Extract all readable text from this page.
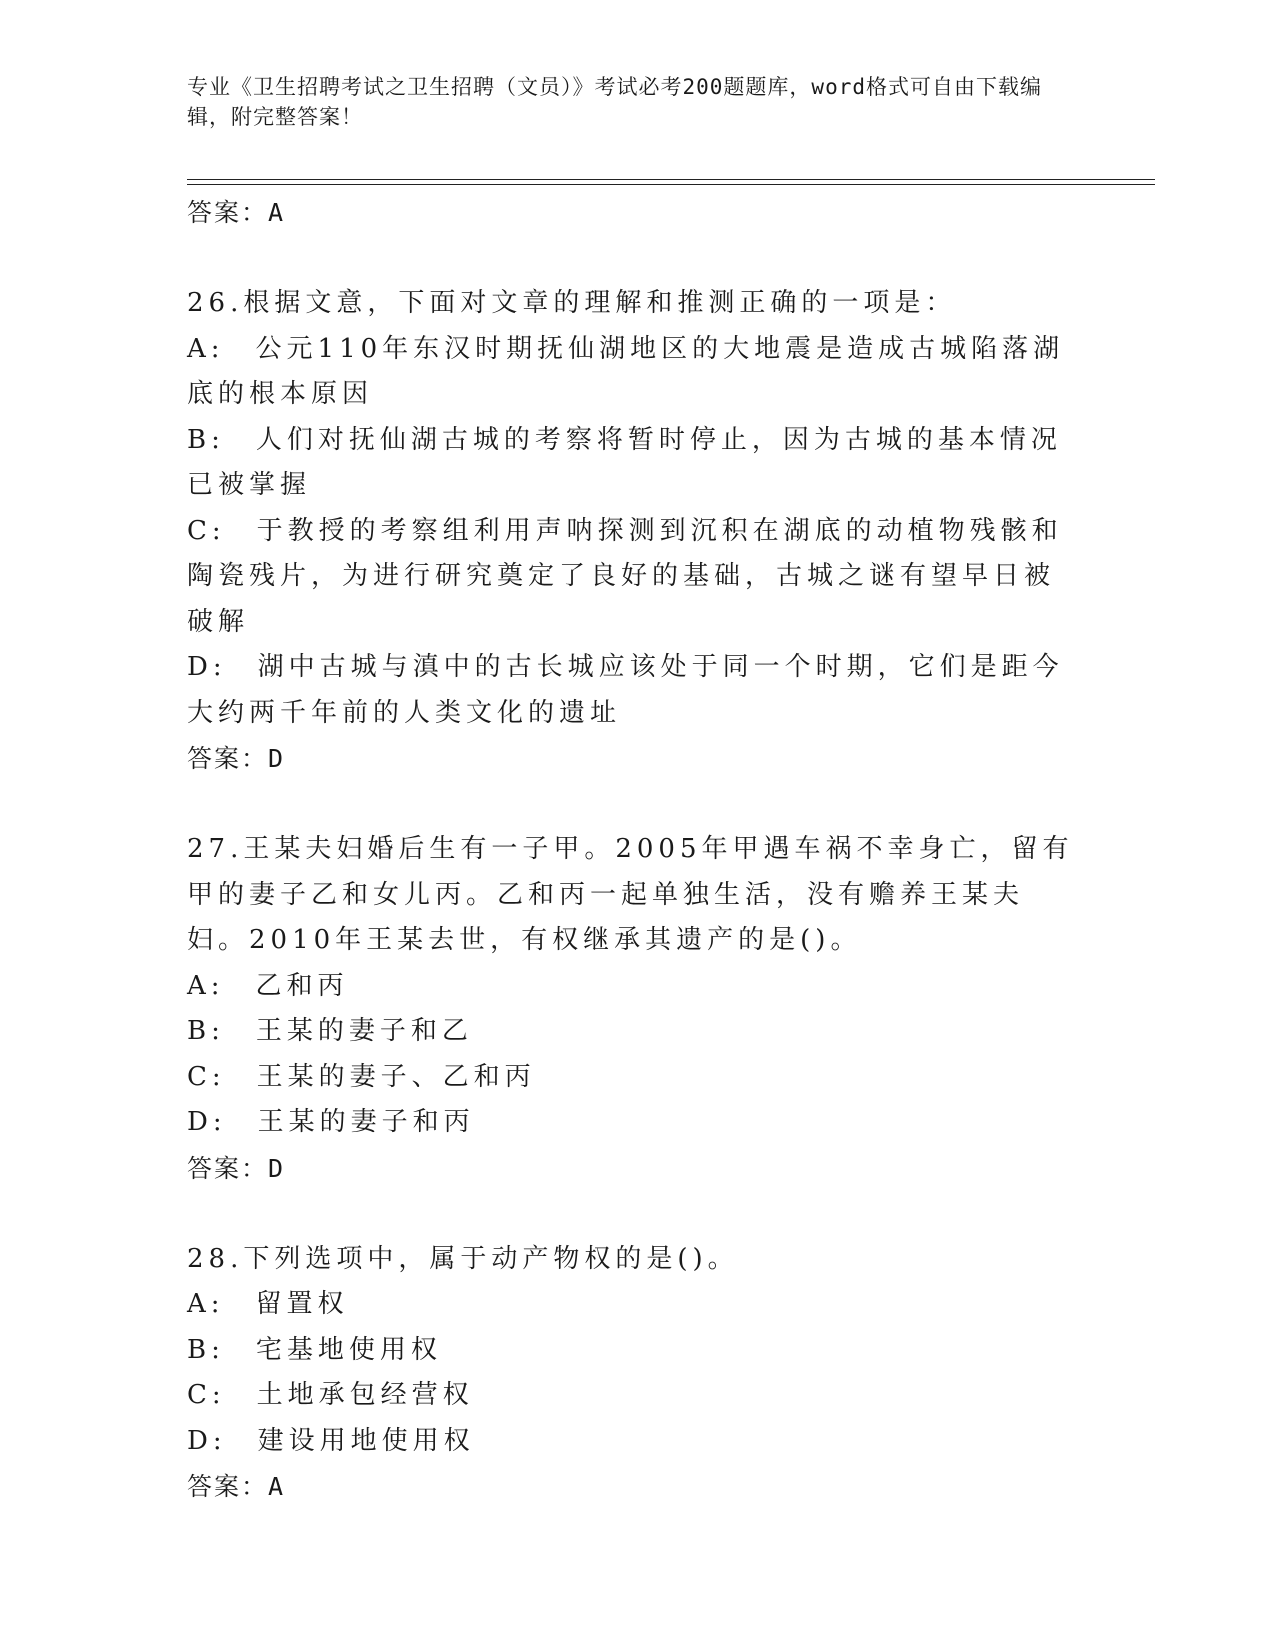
专业《卫生招聘考试之卫生招聘（文员）》考试必考200题题库，word格式可自由下载编辑，附完整答案！
答案：A
26.根据文意，下面对文章的理解和推测正确的一项是：
A:　公元110年东汉时期抚仙湖地区的大地震是造成古城陷落湖底的根本原因
B:　人们对抚仙湖古城的考察将暂时停止，因为古城的基本情况已被掌握
C:　于教授的考察组利用声呐探测到沉积在湖底的动植物残骸和陶瓷残片，为进行研究奠定了良好的基础，古城之谜有望早日被破解
D:　湖中古城与滇中的古长城应该处于同一个时期，它们是距今大约两千年前的人类文化的遗址
答案：D
27.王某夫妇婚后生有一子甲。2005年甲遇车祸不幸身亡，留有甲的妻子乙和女儿丙。乙和丙一起单独生活，没有赡养王某夫妇。2010年王某去世，有权继承其遗产的是()。
A:　乙和丙
B:　王某的妻子和乙
C:　王某的妻子、乙和丙
D:　王某的妻子和丙
答案：D
28.下列选项中，属于动产物权的是()。
A:　留置权
B:　宅基地使用权
C:　土地承包经营权
D:　建设用地使用权
答案：A
